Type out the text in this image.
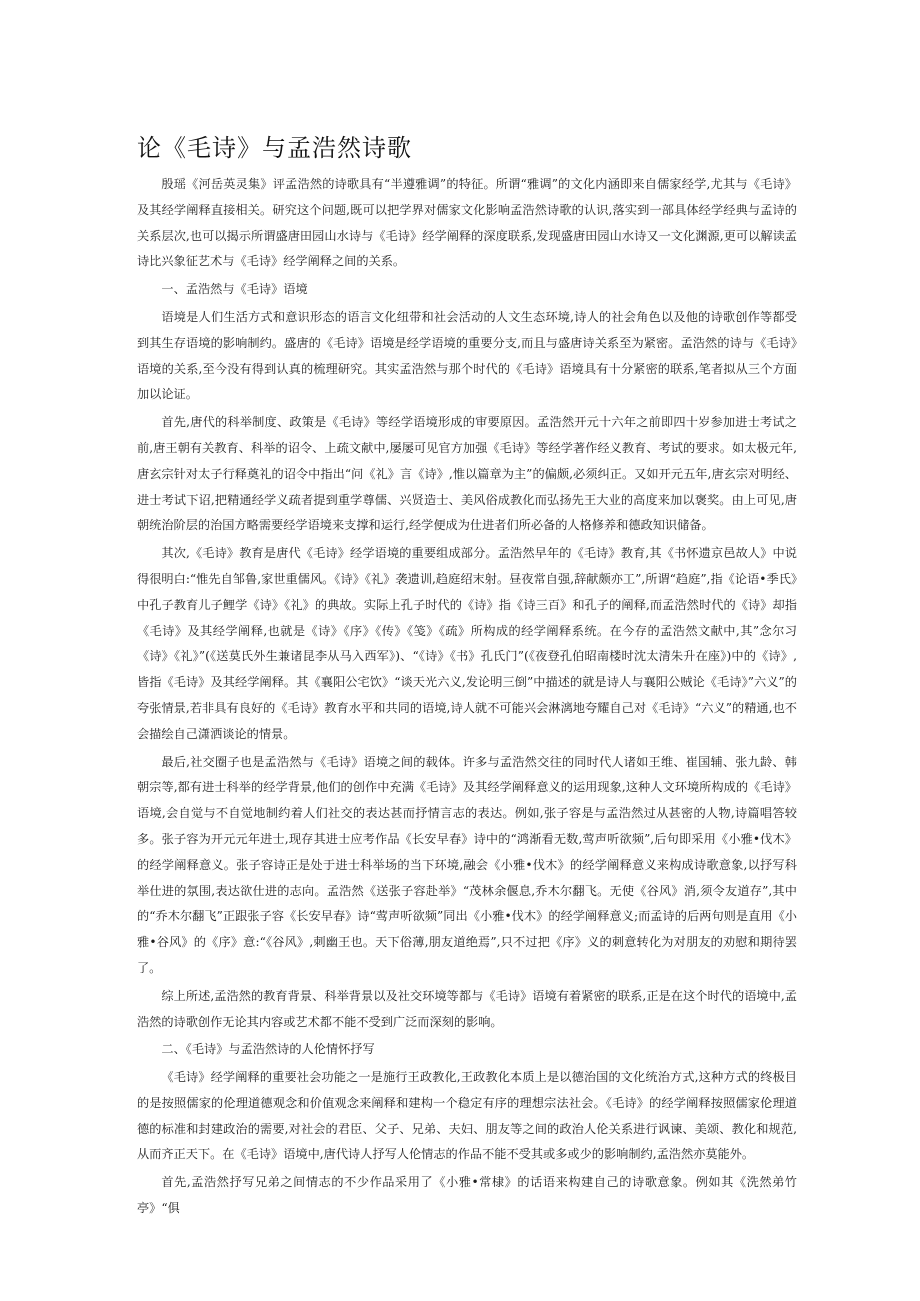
论《毛诗》与孟浩然诗歌

殷瑶《河岳英灵集》评孟浩然的诗歌具有“半遵雅调”的特征。所谓“雅调”的文化内涵即来自儒家经学,尤其与《毛诗》及其经学阐释直接相关。研究这个问题,既可以把学界对儒家文化影响孟浩然诗歌的认识,落实到一部具体经学经典与孟诗的关系层次,也可以揭示所谓盛唐田园山水诗与《毛诗》经学阐释的深度联系,发现盛唐田园山水诗又一文化渊源,更可以解读孟诗比兴象征艺术与《毛诗》经学阐释之间的关系。

一、孟浩然与《毛诗》语境

语境是人们生活方式和意识形态的语言文化纽带和社会活动的人文生态环境,诗人的社会角色以及他的诗歌创作等都受到其生存语境的影响制约。盛唐的《毛诗》语境是经学语境的重要分支,而且与盛唐诗关系至为紧密。孟浩然的诗与《毛诗》语境的关系,至今没有得到认真的梳理研究。其实孟浩然与那个时代的《毛诗》语境具有十分紧密的联系,笔者拟从三个方面加以论证。

首先,唐代的科举制度、政策是《毛诗》等经学语境形成的审要原因。孟浩然开元十六年之前即四十岁参加进士考试之前,唐王朝有关教育、科举的诏令、上疏文献中,屡屡可见官方加强《毛诗》等经学著作经义教育、考试的要求。如太极元年,唐玄宗针对太子行释奠礼的诏令中指出“问《礼》言《诗》,惟以篇章为主”的偏颇,必须纠正。又如开元五年,唐玄宗对明经、进士考试下诏,把精通经学义疏者提到重学尊儒、兴贤造士、美风俗成教化而弘扬先王大业的高度来加以褒奖。由上可见,唐朝统治阶层的治国方略需要经学语境来支撑和运行,经学便成为仕进者们所必备的人格修养和德政知识储备。

其次,《毛诗》教育是唐代《毛诗》经学语境的重要组成部分。孟浩然早年的《毛诗》教育,其《书怀遗京邑故人》中说得很明白:“惟先自邹鲁,家世重儒风。《诗》《礼》袭遗训,趋庭绍末射。昼夜常自强,辞献颇亦工”,所谓“趋庭”,指《论语•季氏》中孔子教育儿子鲤学《诗》《礼》的典故。实际上孔子时代的《诗》指《诗三百》和孔子的阐释,而孟浩然时代的《诗》却指《毛诗》及其经学阐释,也就是《诗》《序》《传》《笺》《疏》所构成的经学阐释系统。在今存的孟浩然文献中,其”念尔习《诗》《礼》”(《送莫氏外生兼诸昆李从马入西军》)、“《诗》《书》孔氏门”(《夜登孔伯昭南楼时沈太清朱升在座》)中的《诗》,皆指《毛诗》及其经学阐释。其《襄阳公宅饮》“谈天光六义,发论明三倒”中描述的就是诗人与襄阳公贼论《毛诗》”六义”的夸张情景,若非具有良好的《毛诗》教育水平和共同的语境,诗人就不可能兴会淋漓地夸耀自己对《毛诗》“六义”的精通,也不会描绘自己潇洒谈论的情景。

最后,社交圈子也是孟浩然与《毛诗》语境之间的载体。许多与孟浩然交往的同时代人诸如王维、崔国辅、张九龄、韩朝宗等,都有进士科举的经学背景,他们的创作中充满《毛诗》及其经学阐释意义的运用现象,这种人文环境所构成的《毛诗》语境,会自觉与不自觉地制约着人们社交的表达甚而抒情言志的表达。例如,张子容是与孟浩然过从甚密的人物,诗篇唱答较多。张子容为开元元年进士,现存其进士应考作品《长安早春》诗中的“鸿渐看无数,莺声听欲频”,后句即采用《小雅•伐木》的经学阐释意义。张子容诗正是处于进士科举场的当下环境,融会《小雅•伐木》的经学阐释意义来构成诗歌意象,以抒写科举仕进的氛围,表达欲仕进的志向。孟浩然《送张子容赴举》“茂林余偃息,乔木尔翻飞。无使《谷风》消,须令友道存”,其中的“乔木尔翻飞”正跟张子容《长安早春》诗“莺声听欲频”同出《小雅•伐木》的经学阐释意义;而孟诗的后两句则是直用《小雅•谷风》的《序》意:“《谷风》,刺幽王也。天下俗薄,朋友道绝焉”,只不过把《序》义的刺意转化为对朋友的劝慰和期待罢了。

综上所述,孟浩然的教育背景、科举背景以及社交环境等都与《毛诗》语境有着紧密的联系,正是在这个时代的语境中,孟浩然的诗歌创作无论其内容或艺术都不能不受到广泛而深刻的影响。

二、《毛诗》与孟浩然诗的人伦情怀抒写

《毛诗》经学阐释的重要社会功能之一是施行王政教化,王政教化本质上是以德治国的文化统治方式,这种方式的终极目的是按照儒家的伦理道德观念和价值观念来阐释和建构一个稳定有序的理想宗法社会。《毛诗》的经学阐释按照儒家伦理道德的标准和封建政治的需要,对社会的君臣、父子、兄弟、夫妇、朋友等之间的政治人伦关系进行讽谏、美颂、教化和规范,从而齐正天下。在《毛诗》语境中,唐代诗人抒写人伦情志的作品不能不受其或多或少的影响制约,孟浩然亦莫能外。

首先,孟浩然抒写兄弟之间情志的不少作品采用了《小雅•常棣》的话语来构建自己的诗歌意象。例如其《洗然弟竹亭》“俱
